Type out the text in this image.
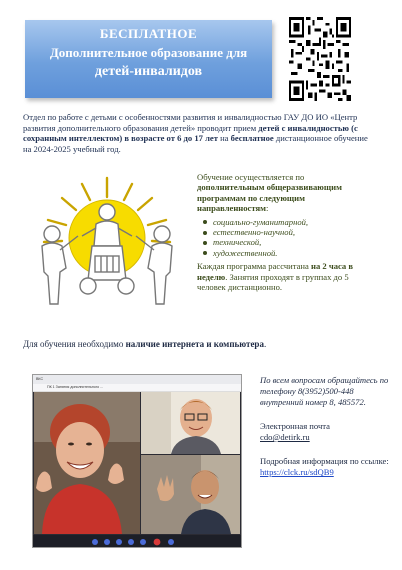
БЕСПЛАТНОЕ
Дополнительное образование для
детей-инвалидов
Отдел по работе с детьми с особенностями развития и инвалидностью ГАУ ДО ИО «Центр развития дополнительного образования детей» проводит прием детей с инвалидностью (с сохранным интеллектом) в возрасте от 6 до 17 лет на бесплатное дистанционное обучение на 2024-2025 учебный год.
Обучение осуществляется по дополнительным общеразвивающим программам по следующим направленностям:
социально-гуманитарной,
естественно-научной,
технической,
художественной.
Каждая программа рассчитана на 2 часа в неделю. Занятия проходят в группах до 5 человек дистанционно.
Для обучения необходимо наличие интернета и компьютера.
ВКС
ПК 1 Занятия дополнительного ...
По всем вопросам обращайтесь по телефону 8(3952)500-448 внутренний номер 8, 485572.
Электронная почта
cdo@detirk.ru
Подробная информация по ссылке: https://clck.ru/sdQB9
